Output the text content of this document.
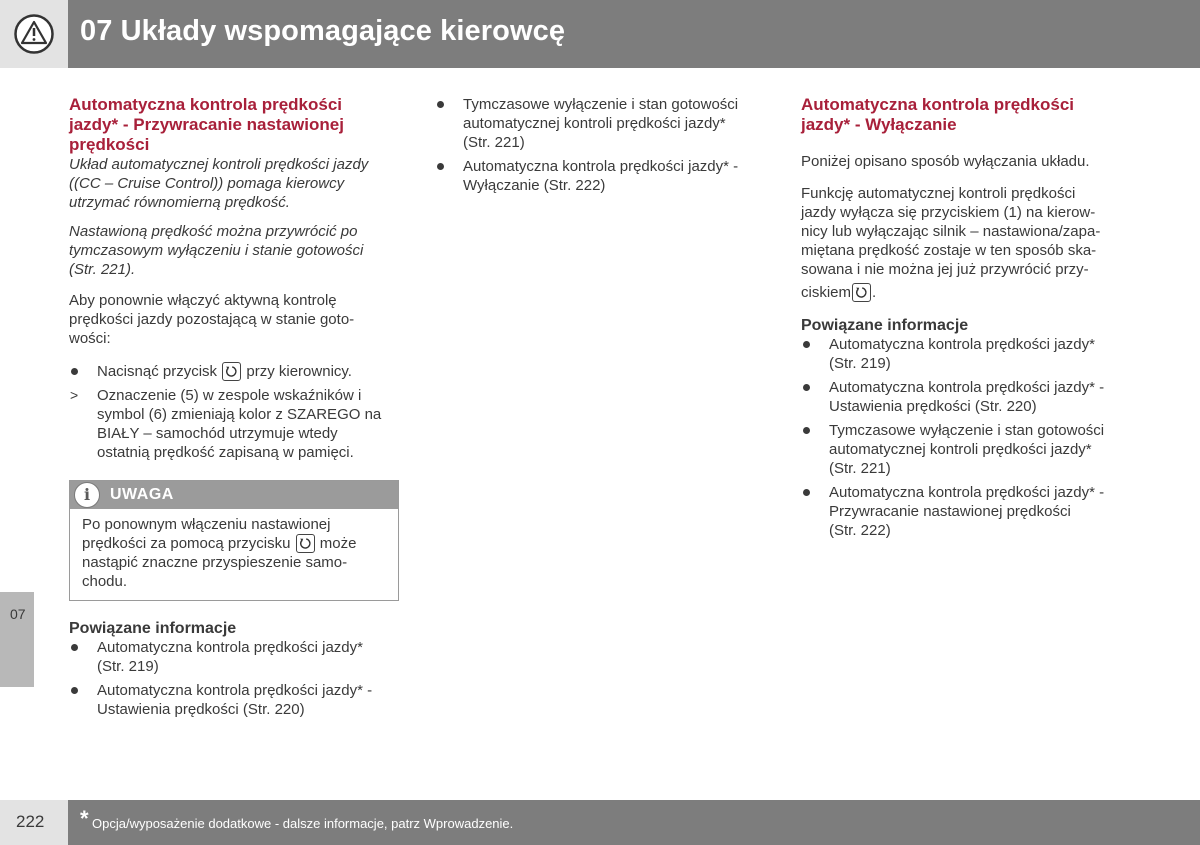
07 Układy wspomagające kierowcę
07
Automatyczna kontrola prędkości
jazdy* - Przywracanie nastawionej
prędkości

Układ automatycznej kontroli prędkości jazdy
((CC – Cruise Control)) pomaga kierowcy
utrzymać równomierną prędkość.

Nastawioną prędkość można przywrócić po
tymczasowym wyłączeniu i stanie gotowości
(Str. 221).

Aby ponownie włączyć aktywną kontrolę
prędkości jazdy pozostającą w stanie goto-
wości:

Nacisnąć przycisk przy kierownicy.
> Oznaczenie (5) w zespole wskaźników i
symbol (6) zmieniają kolor z SZAREGO na
BIAŁY – samochód utrzymuje wtedy
ostatnią prędkość zapisaną w pamięci.
i	UWAGA
Po ponownym włączeniu nastawionej
prędkości za pomocą przycisku może
nastąpić znaczne przyspieszenie samo-
chodu.
Powiązane informacje
Automatyczna kontrola prędkości jazdy*
(Str. 219)
Automatyczna kontrola prędkości jazdy* -
Ustawienia prędkości (Str. 220)
Tymczasowe wyłączenie i stan gotowości
automatycznej kontroli prędkości jazdy*
(Str. 221)
Automatyczna kontrola prędkości jazdy* -
Wyłączanie (Str. 222)
Automatyczna kontrola prędkości
jazdy* - Wyłączanie

Poniżej opisano sposób wyłączania układu.

Funkcję automatycznej kontroli prędkości
jazdy wyłącza się przyciskiem (1) na kierow-
nicy lub wyłączając silnik – nastawiona/zapa-
miętana prędkość zostaje w ten sposób ska-
sowana i nie można jej już przywrócić przy-
ciskiem .

Powiązane informacje
Automatyczna kontrola prędkości jazdy*
(Str. 219)
Automatyczna kontrola prędkości jazdy* -
Ustawienia prędkości (Str. 220)
Tymczasowe wyłączenie i stan gotowości
automatycznej kontroli prędkości jazdy*
(Str. 221)
Automatyczna kontrola prędkości jazdy* -
Przywracanie nastawionej prędkości
(Str. 222)
222 * Opcja/wyposażenie dodatkowe - dalsze informacje, patrz Wprowadzenie.
